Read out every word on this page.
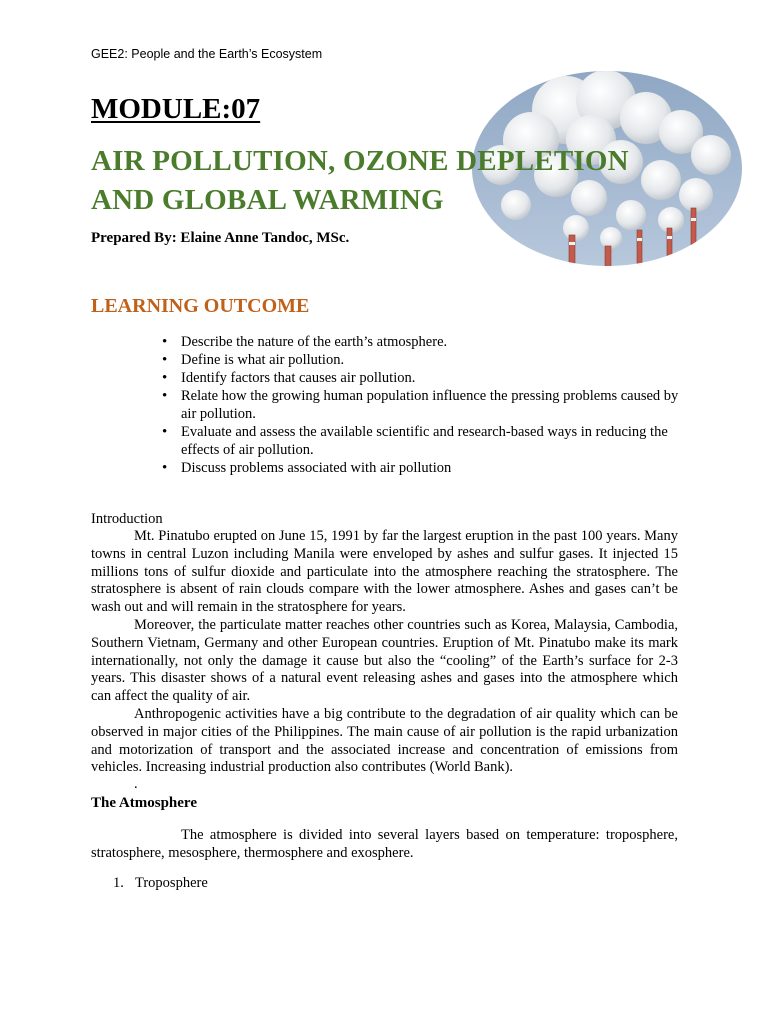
GEE2: People and the Earth’s Ecosystem
MODULE:07
AIR POLLUTION, OZONE DEPLETION
AND GLOBAL WARMING
Prepared By: Elaine Anne Tandoc, MSc.
LEARNING OUTCOME
• Describe the nature of the earth’s atmosphere.
• Define is what air pollution.
• Identify factors that causes air pollution.
• Relate how the growing human population influence the pressing problems caused by air pollution.
• Evaluate and assess the available scientific and research-based ways in reducing the effects of air pollution.
• Discuss problems associated with air pollution
Introduction

Mt. Pinatubo erupted on June 15, 1991 by far the largest eruption in the past 100 years. Many towns in central Luzon including Manila were enveloped by ashes and sulfur gases. It injected 15 millions tons of sulfur dioxide and particulate into the atmosphere reaching the stratosphere. The stratosphere is absent of rain clouds compare with the lower atmosphere. Ashes and gases can’t be wash out and will remain in the stratosphere for years.

Moreover, the particulate matter reaches other countries such as Korea, Malaysia, Cambodia, Southern Vietnam, Germany and other European countries. Eruption of Mt. Pinatubo make its mark internationally, not only the damage it cause but also the “cooling” of the Earth’s surface for 2-3 years. This disaster shows of a natural event releasing ashes and gases into the atmosphere which can affect the quality of air.

Anthropogenic activities have a big contribute to the degradation of air quality which can be observed in major cities of the Philippines. The main cause of air pollution is the rapid urbanization and motorization of transport and the associated increase and concentration of emissions from vehicles. Increasing industrial production also contributes (World Bank).

.
The Atmosphere

The atmosphere is divided into several layers based on temperature: troposphere, stratosphere, mesosphere, thermosphere and exosphere.

1. Troposphere
